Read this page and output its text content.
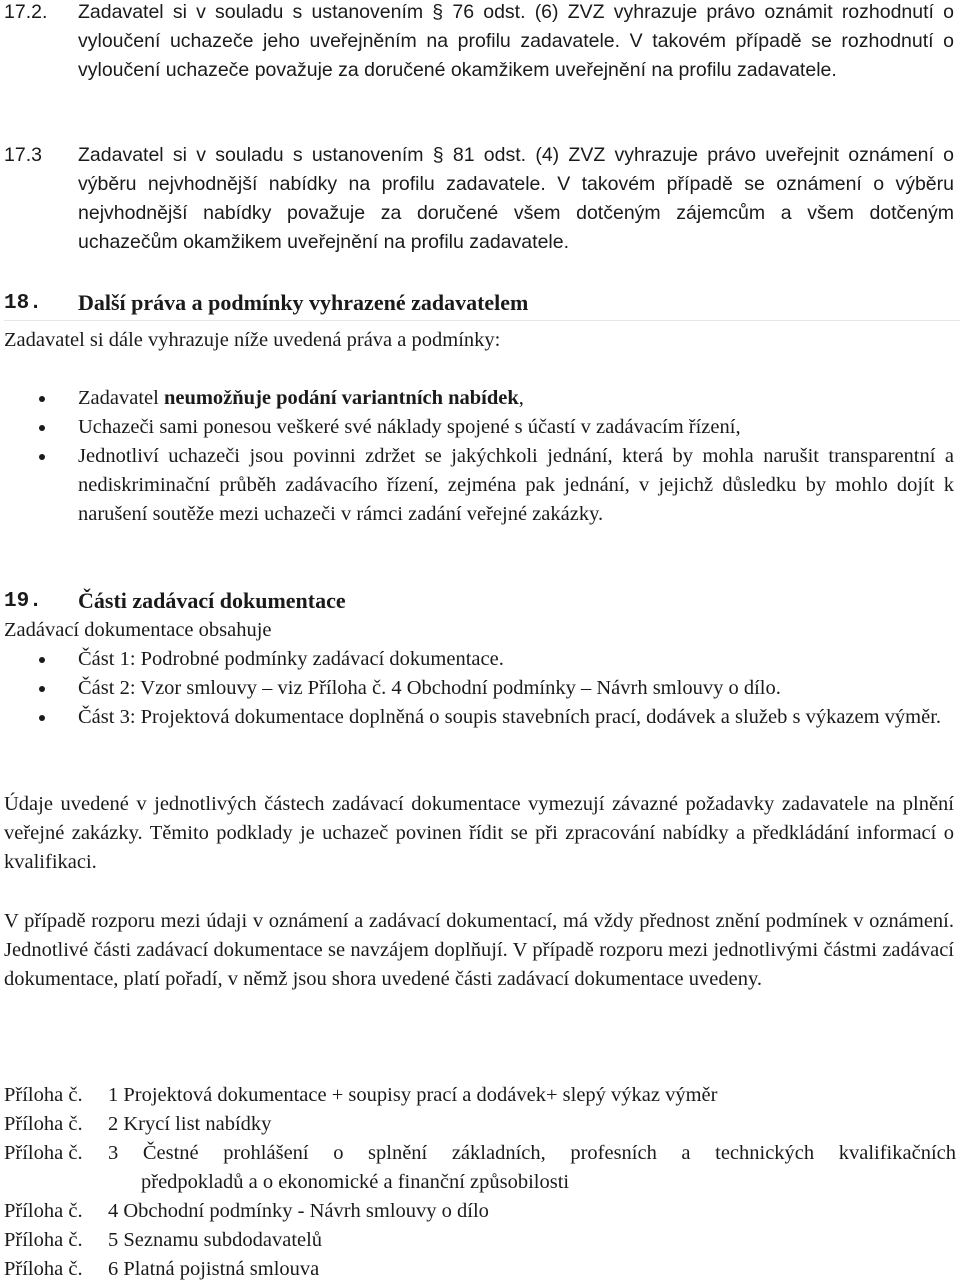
17.2. Zadavatel si v souladu s ustanovením § 76 odst. (6) ZVZ vyhrazuje právo oznámit rozhodnutí o vyloučení uchazeče jeho uveřejněním na profilu zadavatele. V takovém případě se rozhodnutí o vyloučení uchazeče považuje za doručené okamžikem uveřejnění na profilu zadavatele.
17.3 Zadavatel si v souladu s ustanovením § 81 odst. (4) ZVZ vyhrazuje právo uveřejnit oznámení o výběru nejvhodnější nabídky na profilu zadavatele. V takovém případě se oznámení o výběru nejvhodnější nabídky považuje za doručené všem dotčeným zájemcům a všem dotčeným uchazečům okamžikem uveřejnění na profilu zadavatele.
18. Další práva a podmínky vyhrazené zadavatelem
Zadavatel si dále vyhrazuje níže uvedená práva a podmínky:
Zadavatel neumožňuje podání variantních nabídek,
Uchazeči sami ponesou veškeré své náklady spojené s účastí v zadávacím řízení,
Jednotliví uchazeči jsou povinni zdržet se jakýchkoli jednání, která by mohla narušit transparentní a nediskriminační průběh zadávacího řízení, zejména pak jednání, v jejichž důsledku by mohlo dojít k narušení soutěže mezi uchazeči v rámci zadání veřejné zakázky.
19. Části zadávací dokumentace
Zadávací dokumentace obsahuje
Část 1: Podrobné podmínky zadávací dokumentace.
Část 2: Vzor smlouvy – viz Příloha č. 4 Obchodní podmínky – Návrh smlouvy o dílo.
Část 3: Projektová dokumentace doplněná o soupis stavebních prací, dodávek a služeb s výkazem výměr.
Údaje uvedené v jednotlivých částech zadávací dokumentace vymezují závazné požadavky zadavatele na plnění veřejné zakázky. Těmito podklady je uchazeč povinen řídit se při zpracování nabídky a předkládání informací o kvalifikaci.
V případě rozporu mezi údaji v oznámení a zadávací dokumentací, má vždy přednost znění podmínek v oznámení. Jednotlivé části zadávací dokumentace se navzájem doplňují. V případě rozporu mezi jednotlivými částmi zadávací dokumentace, platí pořadí, v němž jsou shora uvedené části zadávací dokumentace uvedeny.
Příloha č. 1 Projektová dokumentace + soupisy prací a dodávek+ slepý výkaz výměr
Příloha č. 2 Krycí list nabídky
Příloha č. 3 Čestné prohlášení o splnění základních, profesních a technických kvalifikačních
předpokladů a o ekonomické a finanční způsobilosti
Příloha č. 4 Obchodní podmínky - Návrh smlouvy o dílo
Příloha č. 5 Seznamu subdodavatelů
Příloha č. 6 Platná pojistná smlouva
